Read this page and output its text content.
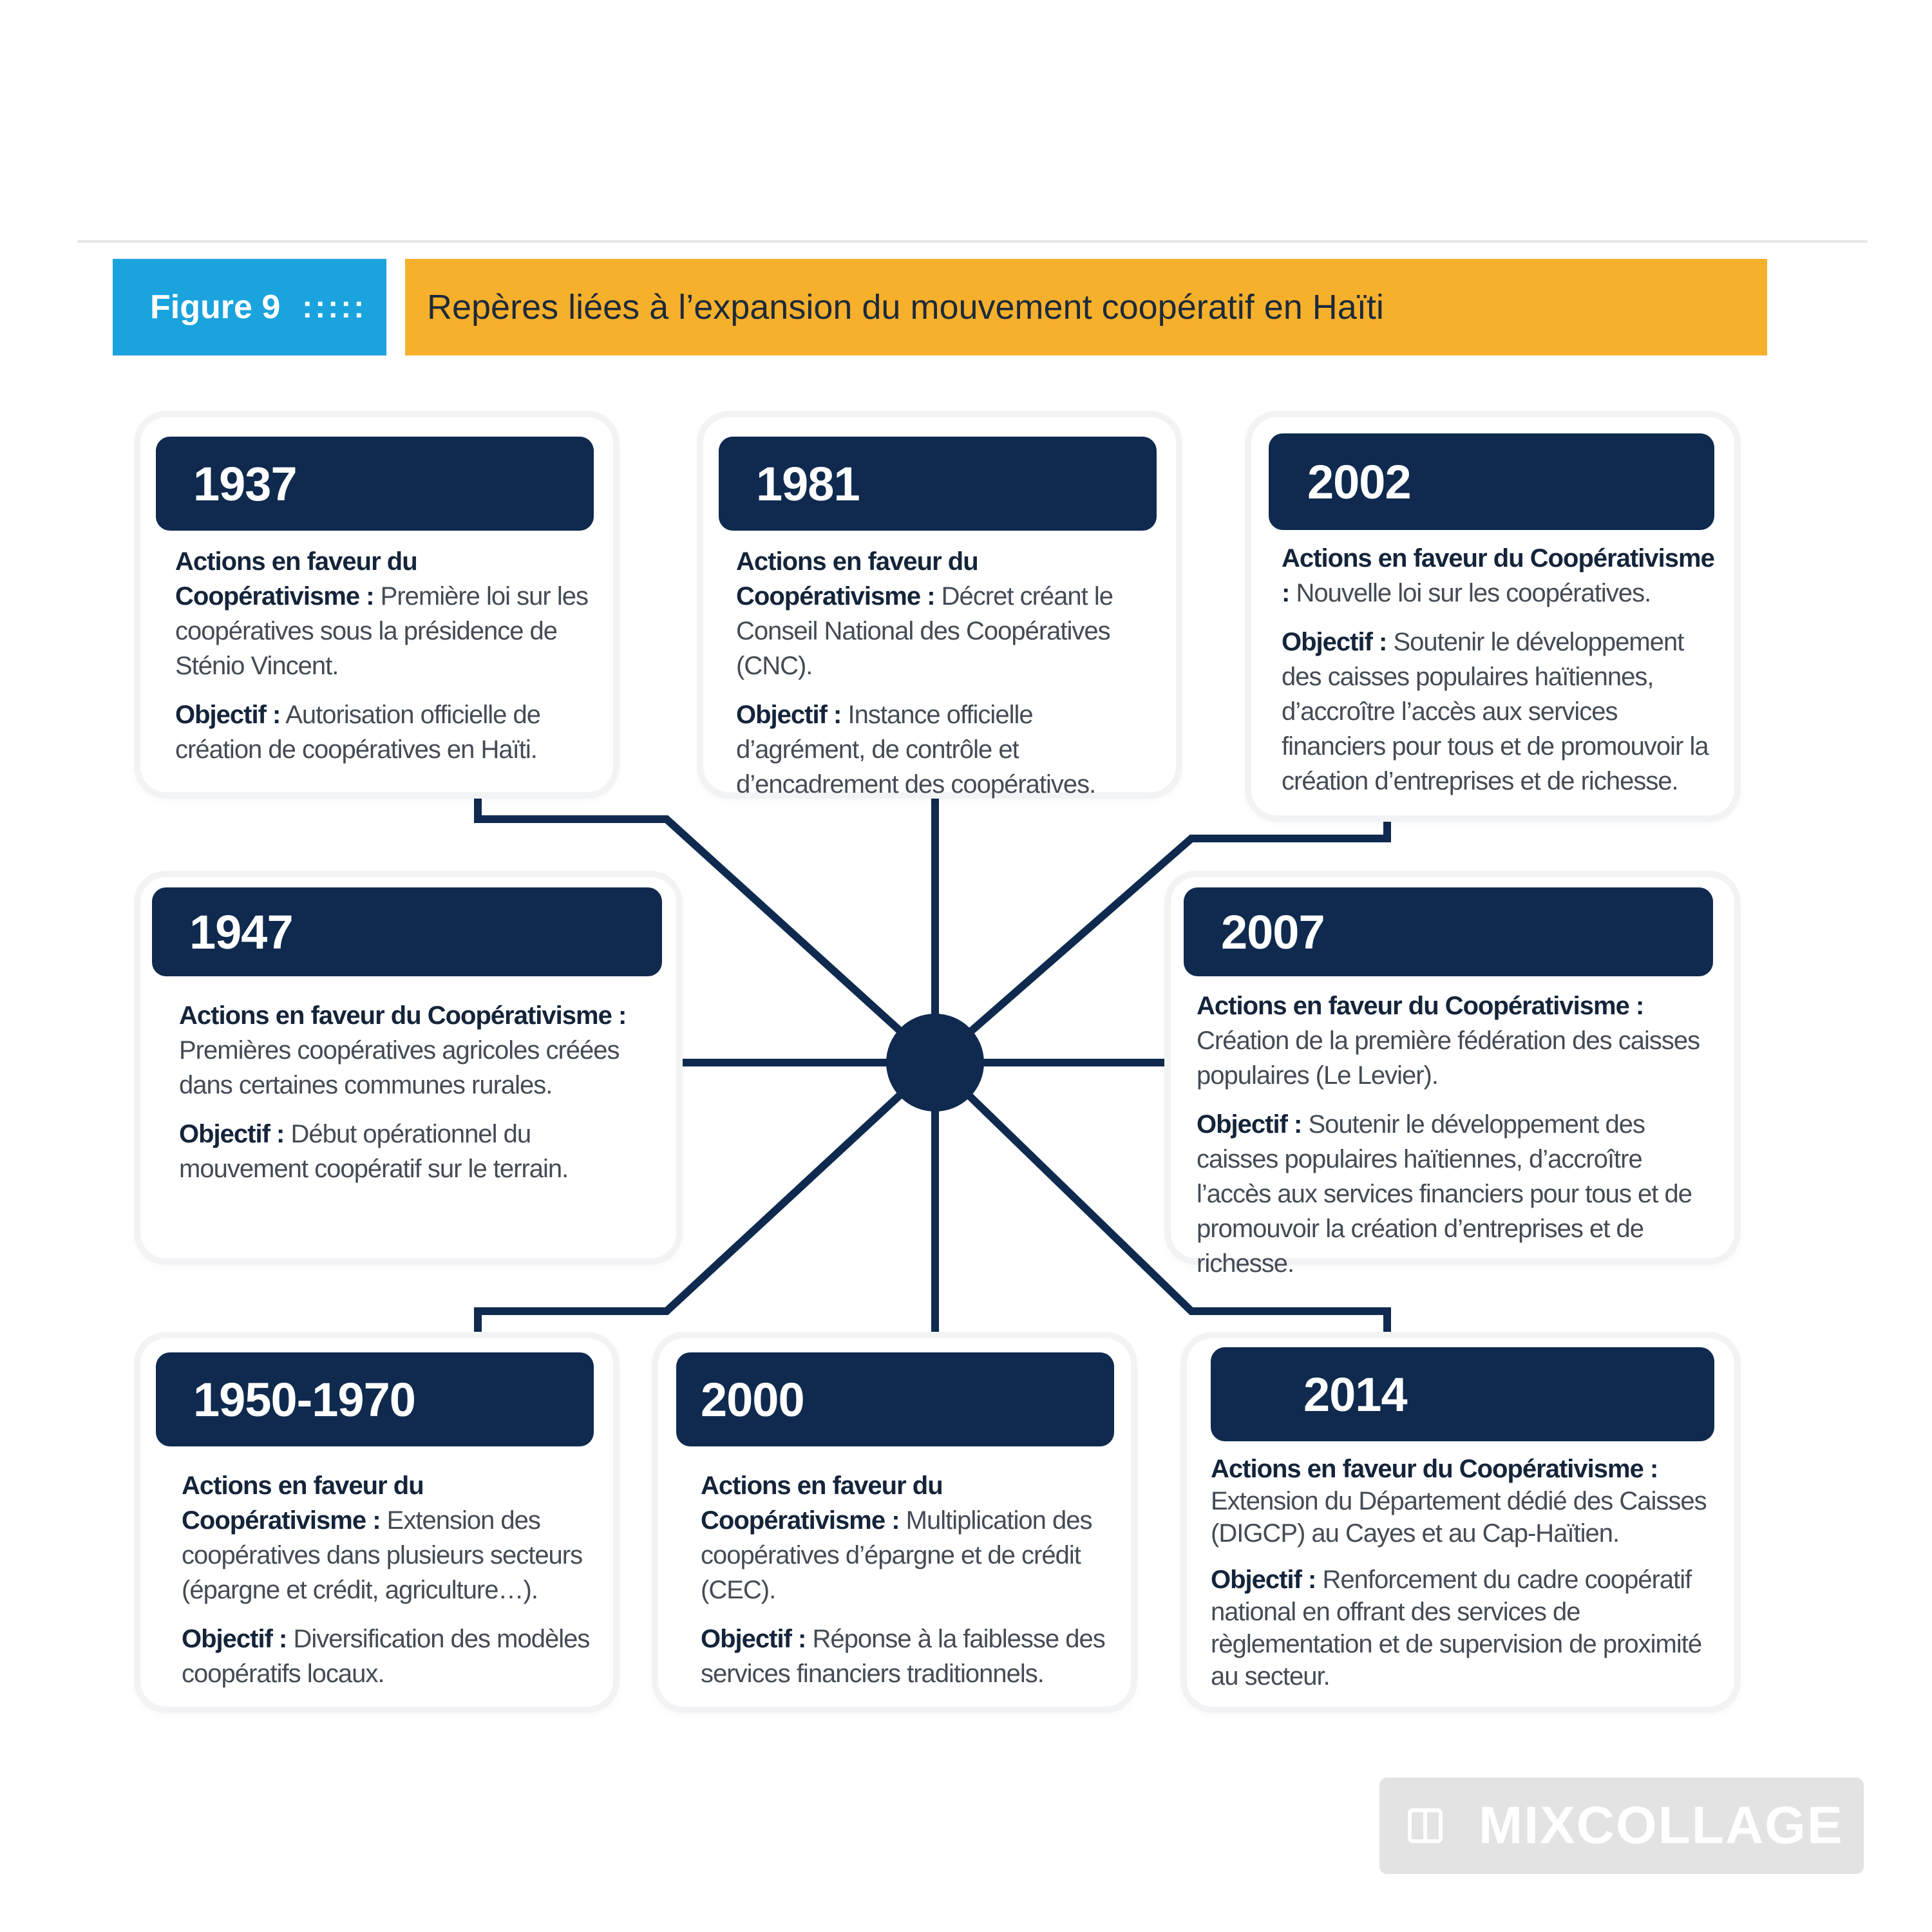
Figure 9 :::::	Repères liées à l’expansion du mouvement coopératif en Haïti
1937

Actions en faveur du Coopérativisme : Première loi sur les coopératives sous la présidence de Sténio Vincent.

Objectif : Autorisation officielle de création de coopératives en Haïti.

1981

Actions en faveur du Coopérativisme : Décret créant le Conseil National des Coopératives (CNC).

Objectif : Instance officielle d’agrément, de contrôle et d’encadrement des coopératives.

2002

Actions en faveur du Coopérativisme : Nouvelle loi sur les coopératives.

Objectif : Soutenir le développement des caisses populaires haïtiennes, d’accroître l’accès aux services financiers pour tous et de promouvoir la création d’entreprises et de richesse.

1947

Actions en faveur du Coopérativisme : Premières coopératives agricoles créées dans certaines communes rurales.

Objectif : Début opérationnel du mouvement coopératif sur le terrain.

2007

Actions en faveur du Coopérativisme : Création de la première fédération des caisses populaires (Le Levier).

Objectif : Soutenir le développement des caisses populaires haïtiennes, d’accroître l’accès aux services financiers pour tous et de promouvoir la création d’entreprises et de richesse.

1950-1970

Actions en faveur du Coopérativisme : Extension des coopératives dans plusieurs secteurs (épargne et crédit, agriculture…).

Objectif : Diversification des modèles coopératifs locaux.

2000

Actions en faveur du Coopérativisme : Multiplication des coopératives d’épargne et de crédit (CEC).

Objectif : Réponse à la faiblesse des services financiers traditionnels.

2014

Actions en faveur du Coopérativisme : Extension du Département dédié des Caisses (DIGCP) au Cayes et au Cap-Haïtien.

Objectif : Renforcement du cadre coopératif national en offrant des services de règlementation et de supervision de proximité au secteur.

MIXCOLLAGE
